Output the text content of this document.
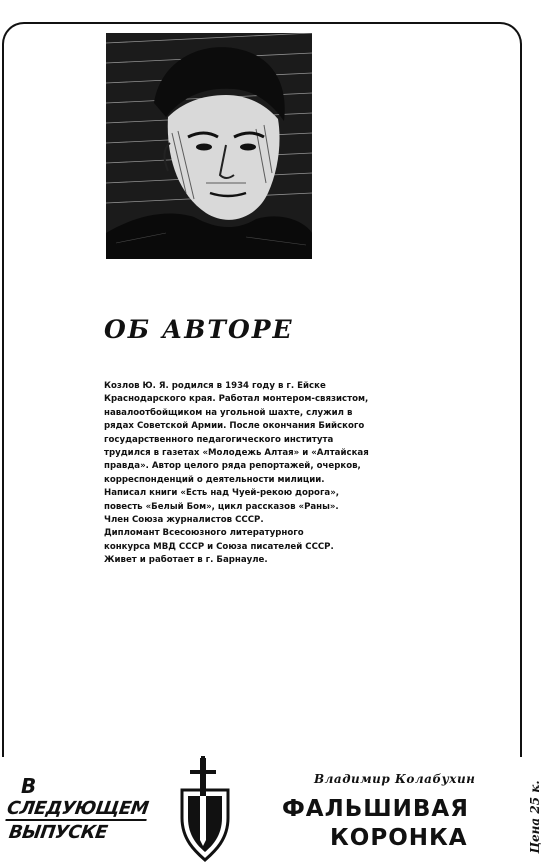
ОБ АВТОРЕ
Козлов Ю. Я. родился в 1934 году в г. Ейске
Краснодарского края. Работал монтером-связистом,
навалоотбойщиком на угольной шахте, служил в
рядах Советской Армии. После окончания Бийского
государственного педагогического института
трудился в газетах «Молодежь Алтая» и «Алтайская
правда». Автор целого ряда репортажей, очерков,
корреспонденций о деятельности милиции.
Написал книги «Есть над Чуей-рекою дорога»,
повесть «Белый Бом», цикл рассказов «Раны».
Член Союза журналистов СССР.
Дипломант Всесоюзного литературного
конкурса МВД СССР и Союза писателей СССР.
Живет и работает в г. Барнауле.
В
СЛЕДУЮЩЕМ
ВЫПУСКЕ
Владимир Колабухин
ФАЛЬШИВАЯ
КОРОНКА	Цена 25 к.
